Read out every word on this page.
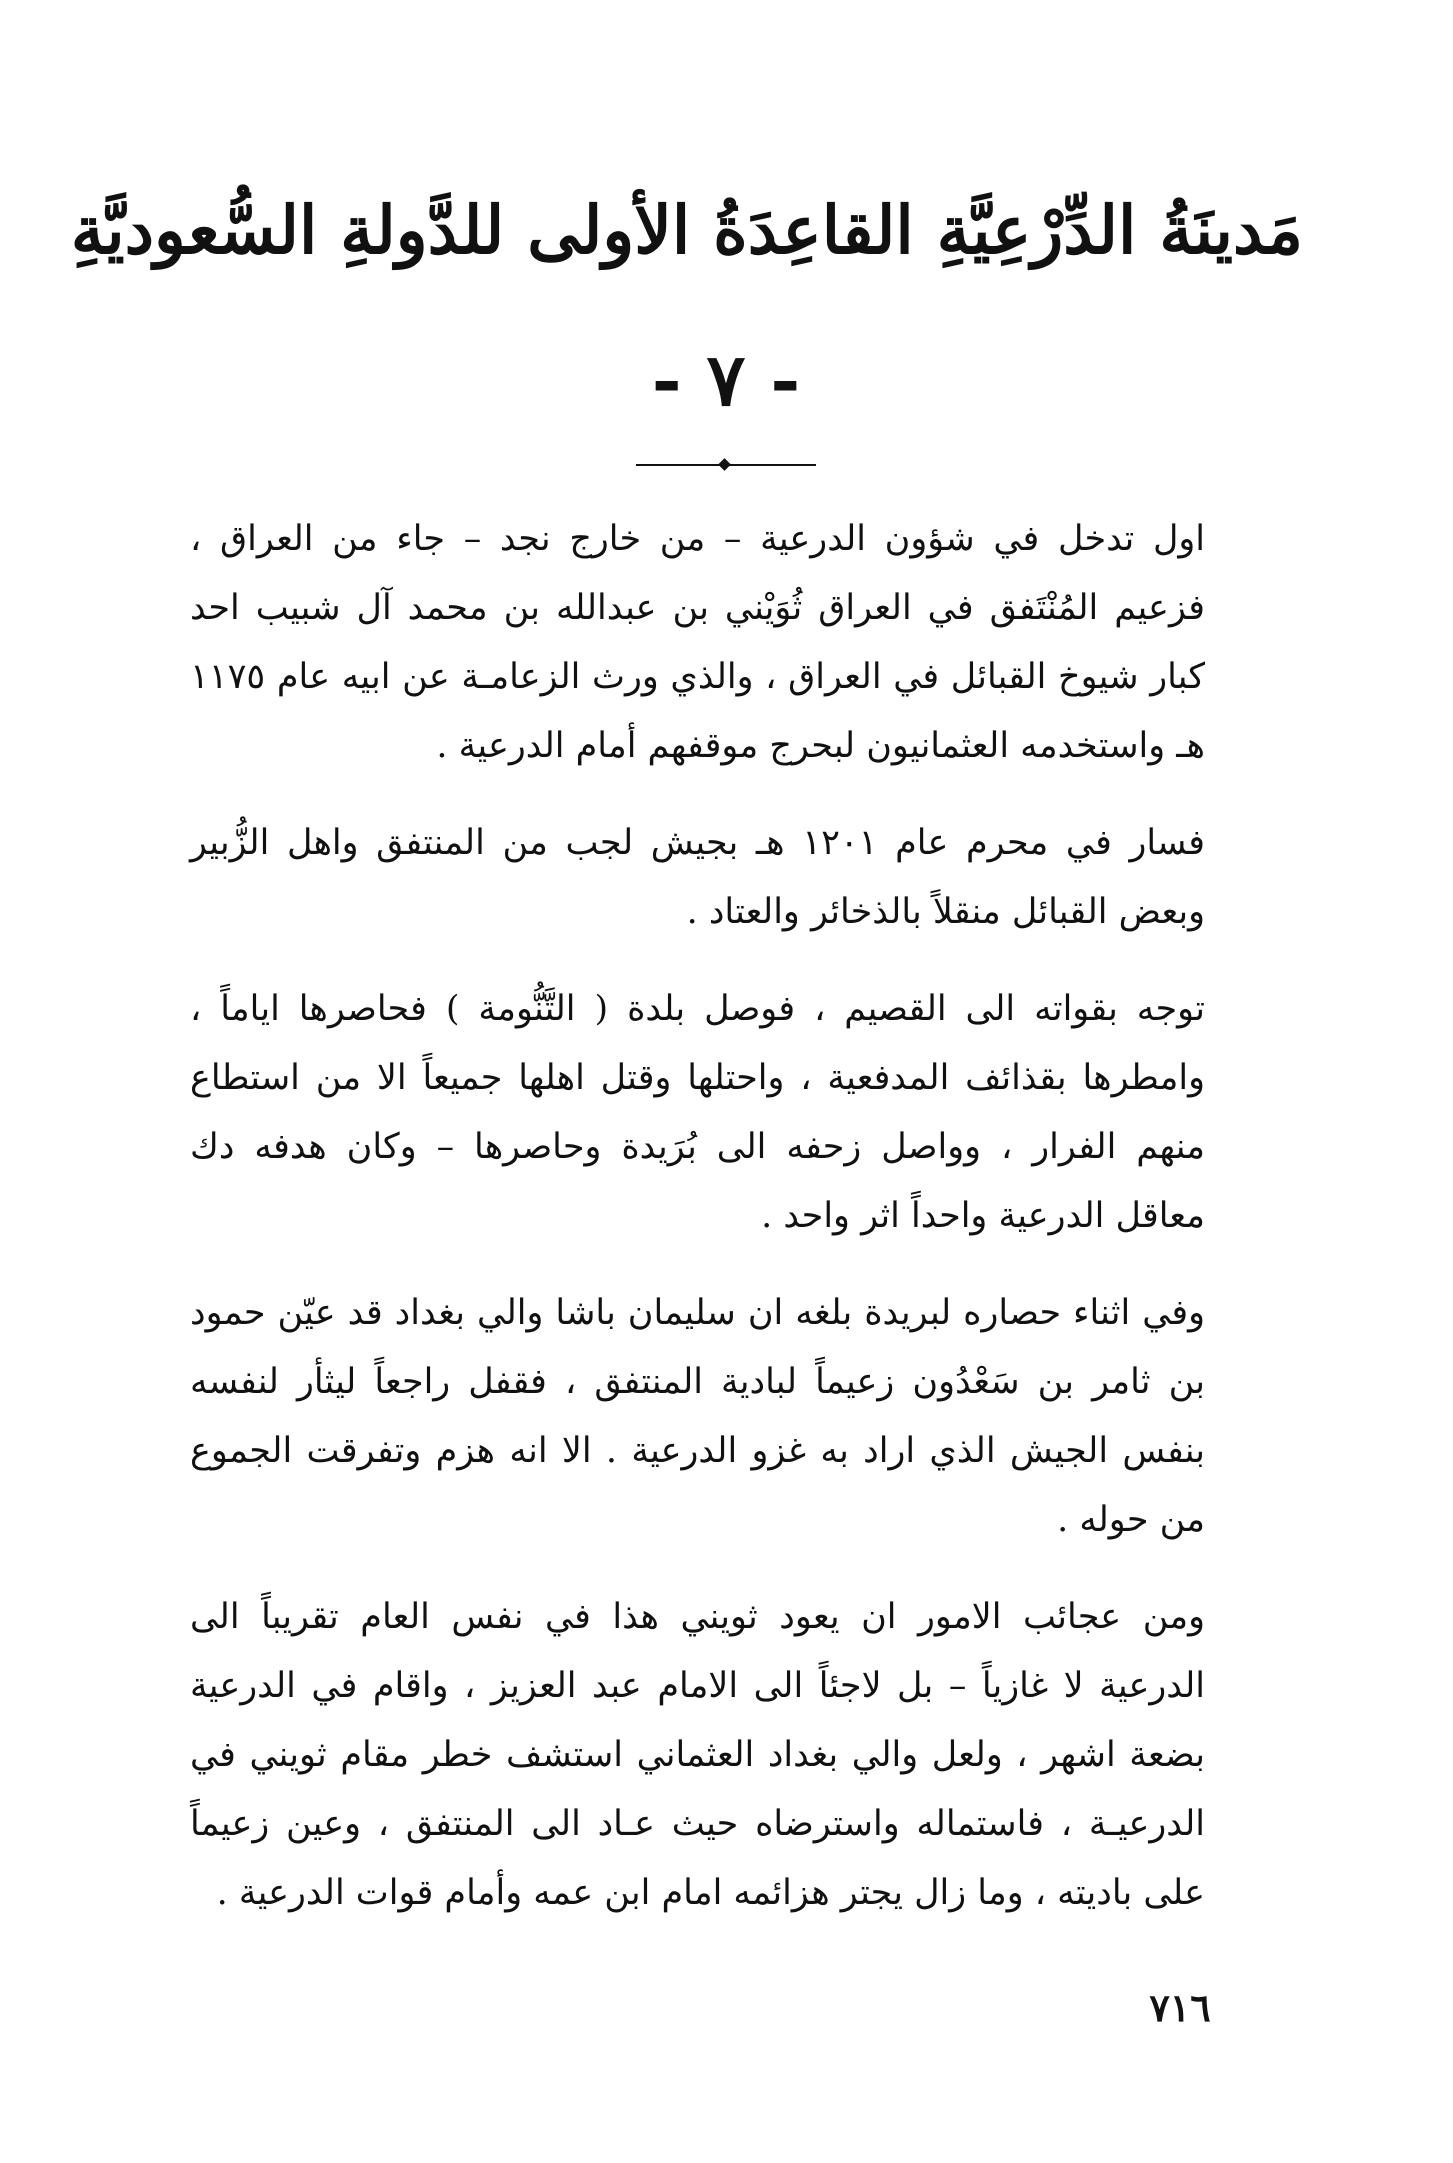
مَدينَةُ الدِّرْعِيَّةِ القاعِدَةُ الأولى للدَّولةِ السُّعوديَّةِ
- ٧ -

اول تدخل في شؤون الدرعية – من خارج نجد – جاء من العراق ، فزعيم المُنْتَفق في العراق ثُوَيْني بن عبدالله بن محمد آل شبيب احد كبار شيوخ القبائل في العراق ، والذي ورث الزعامـة عن ابيه عام ١١٧٥ هـ واستخدمه العثمانيون لبحرج موقفهم أمام الدرعية .

فسار في محرم عام ١٢٠١ هـ بجيش لجب من المنتفق واهل الزُّبير وبعض القبائل منقلاً بالذخائر والعتاد .

توجه بقواته الى القصيم ، فوصل بلدة ( التَّنُّومة ) فحاصرها اياماً ، وامطرها بقذائف المدفعية ، واحتلها وقتل اهلها جميعاً الا من استطاع منهم الفرار ، وواصل زحفه الى بُرَيدة وحاصرها – وكان هدفه دك معاقل الدرعية واحداً اثر واحد .

وفي اثناء حصاره لبريدة بلغه ان سليمان باشا والي بغداد قد عيّن حمود بن ثامر بن سَعْدُون زعيماً لبادية المنتفق ، فقفل راجعاً ليثأر لنفسه بنفس الجيش الذي اراد به غزو الدرعية . الا انه هزم وتفرقت الجموع من حوله .

ومن عجائب الامور ان يعود ثويني هذا في نفس العام تقريباً الى الدرعية لا غازياً – بل لاجئاً الى الامام عبد العزيز ، واقام في الدرعية بضعة اشهر ، ولعل والي بغداد العثماني استشف خطر مقام ثويني في الدرعيـة ، فاستماله واسترضاه حيث عـاد الى المنتفق ، وعين زعيماً على باديته ، وما زال يجتر هزائمه امام ابن عمه وأمام قوات الدرعية .

٧١٦
